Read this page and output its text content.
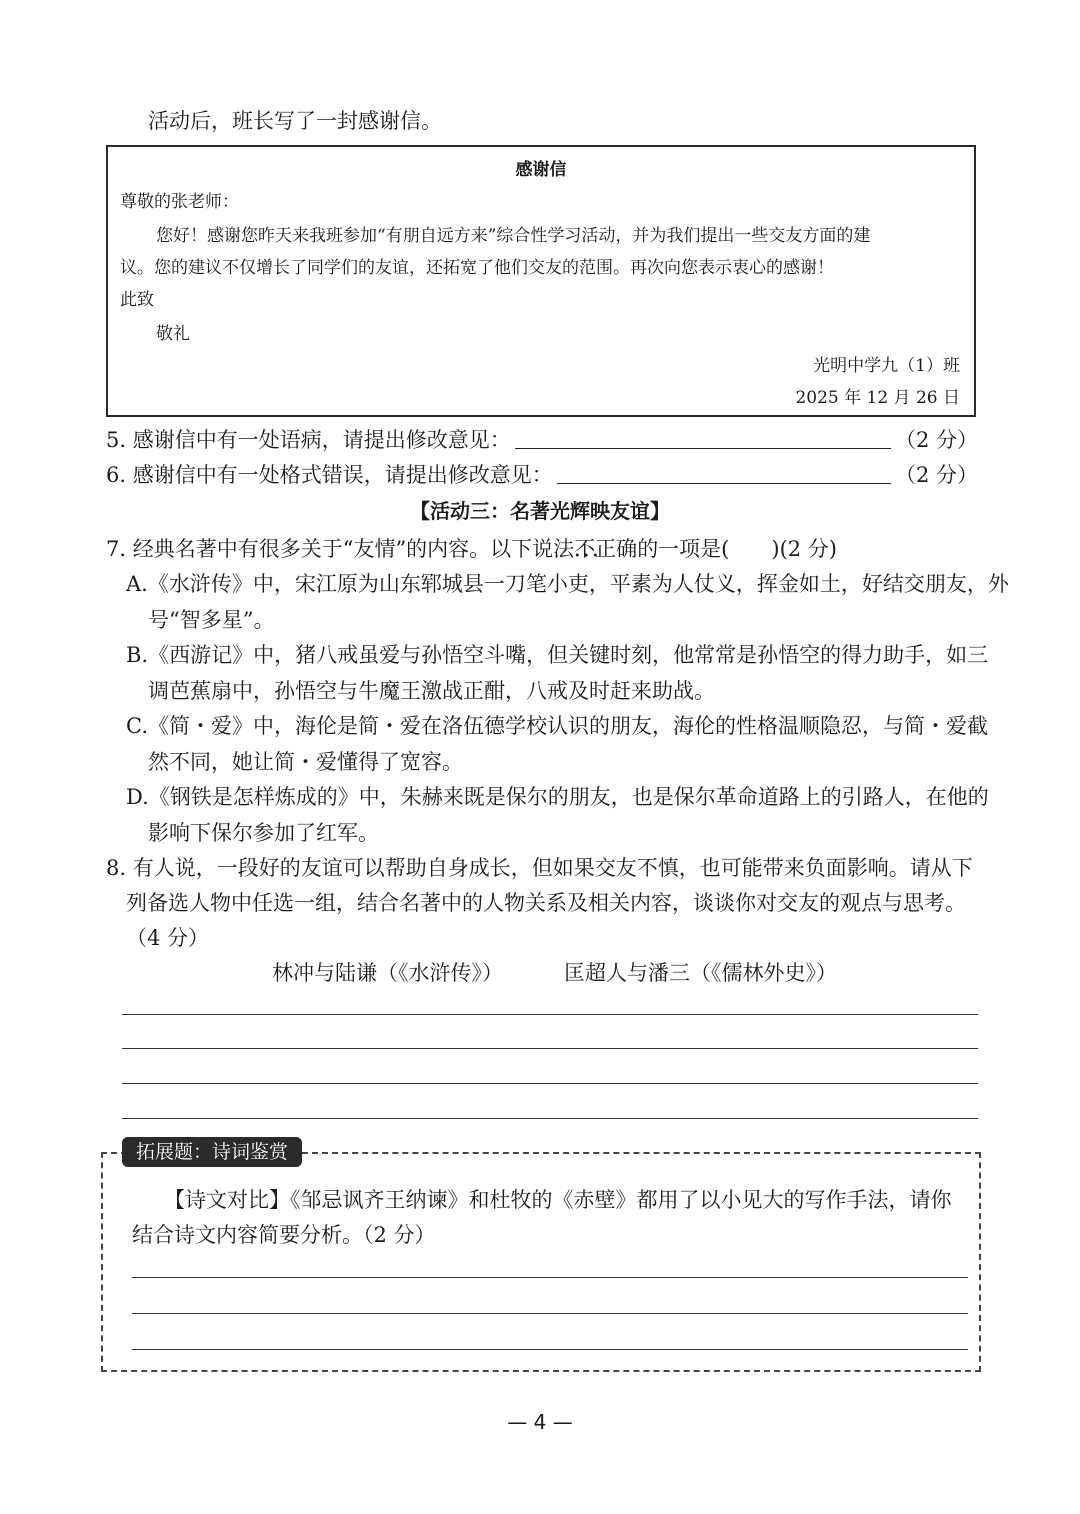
活动后，班长写了一封感谢信。
感谢信
尊敬的张老师：
您好！感谢您昨天来我班参加“有朋自远方来”综合性学习活动，并为我们提出一些交友方面的建
议。您的建议不仅增长了同学们的友谊，还拓宽了他们交友的范围。再次向您表示衷心的感谢！
此致
敬礼
光明中学九（1）班
2025 年 12 月 26 日
5. 感谢信中有一处语病，请提出修改意见：	（2 分）
6. 感谢信中有一处格式错误，请提出修改意见：	（2 分）
【活动三：名著光辉映友谊】
7. 经典名著中有很多关于“友情”的内容。以下说法不正确 • • •的一项是(　　)(2 分)
A.《水浒传》中，宋江原为山东郓城县一刀笔小吏，平素为人仗义，挥金如土，好结交朋友，外
号“智多星”。
B.《西游记》中，猪八戒虽爱与孙悟空斗嘴，但关键时刻，他常常是孙悟空的得力助手，如三
调芭蕉扇中，孙悟空与牛魔王激战正酣，八戒及时赶来助战。
C.《简・爱》中，海伦是简・爱在洛伍德学校认识的朋友，海伦的性格温顺隐忍，与简・爱截
然不同，她让简・爱懂得了宽容。
D.《钢铁是怎样炼成的》中，朱赫来既是保尔的朋友，也是保尔革命道路上的引路人，在他的
影响下保尔参加了红军。
8. 有人说，一段好的友谊可以帮助自身成长，但如果交友不慎，也可能带来负面影响。请从下
列备选人物中任选一组，结合名著中的人物关系及相关内容，谈谈你对交友的观点与思考。
（4 分）
林冲与陆谦（《水浒传》）	匡超人与潘三（《儒林外史》）
拓展题：诗词鉴赏
【诗文对比】《邹忌讽齐王纳谏》和杜牧的《赤壁》都用了以小见大的写作手法，请你
结合诗文内容简要分析。（2 分）
— 4 —
